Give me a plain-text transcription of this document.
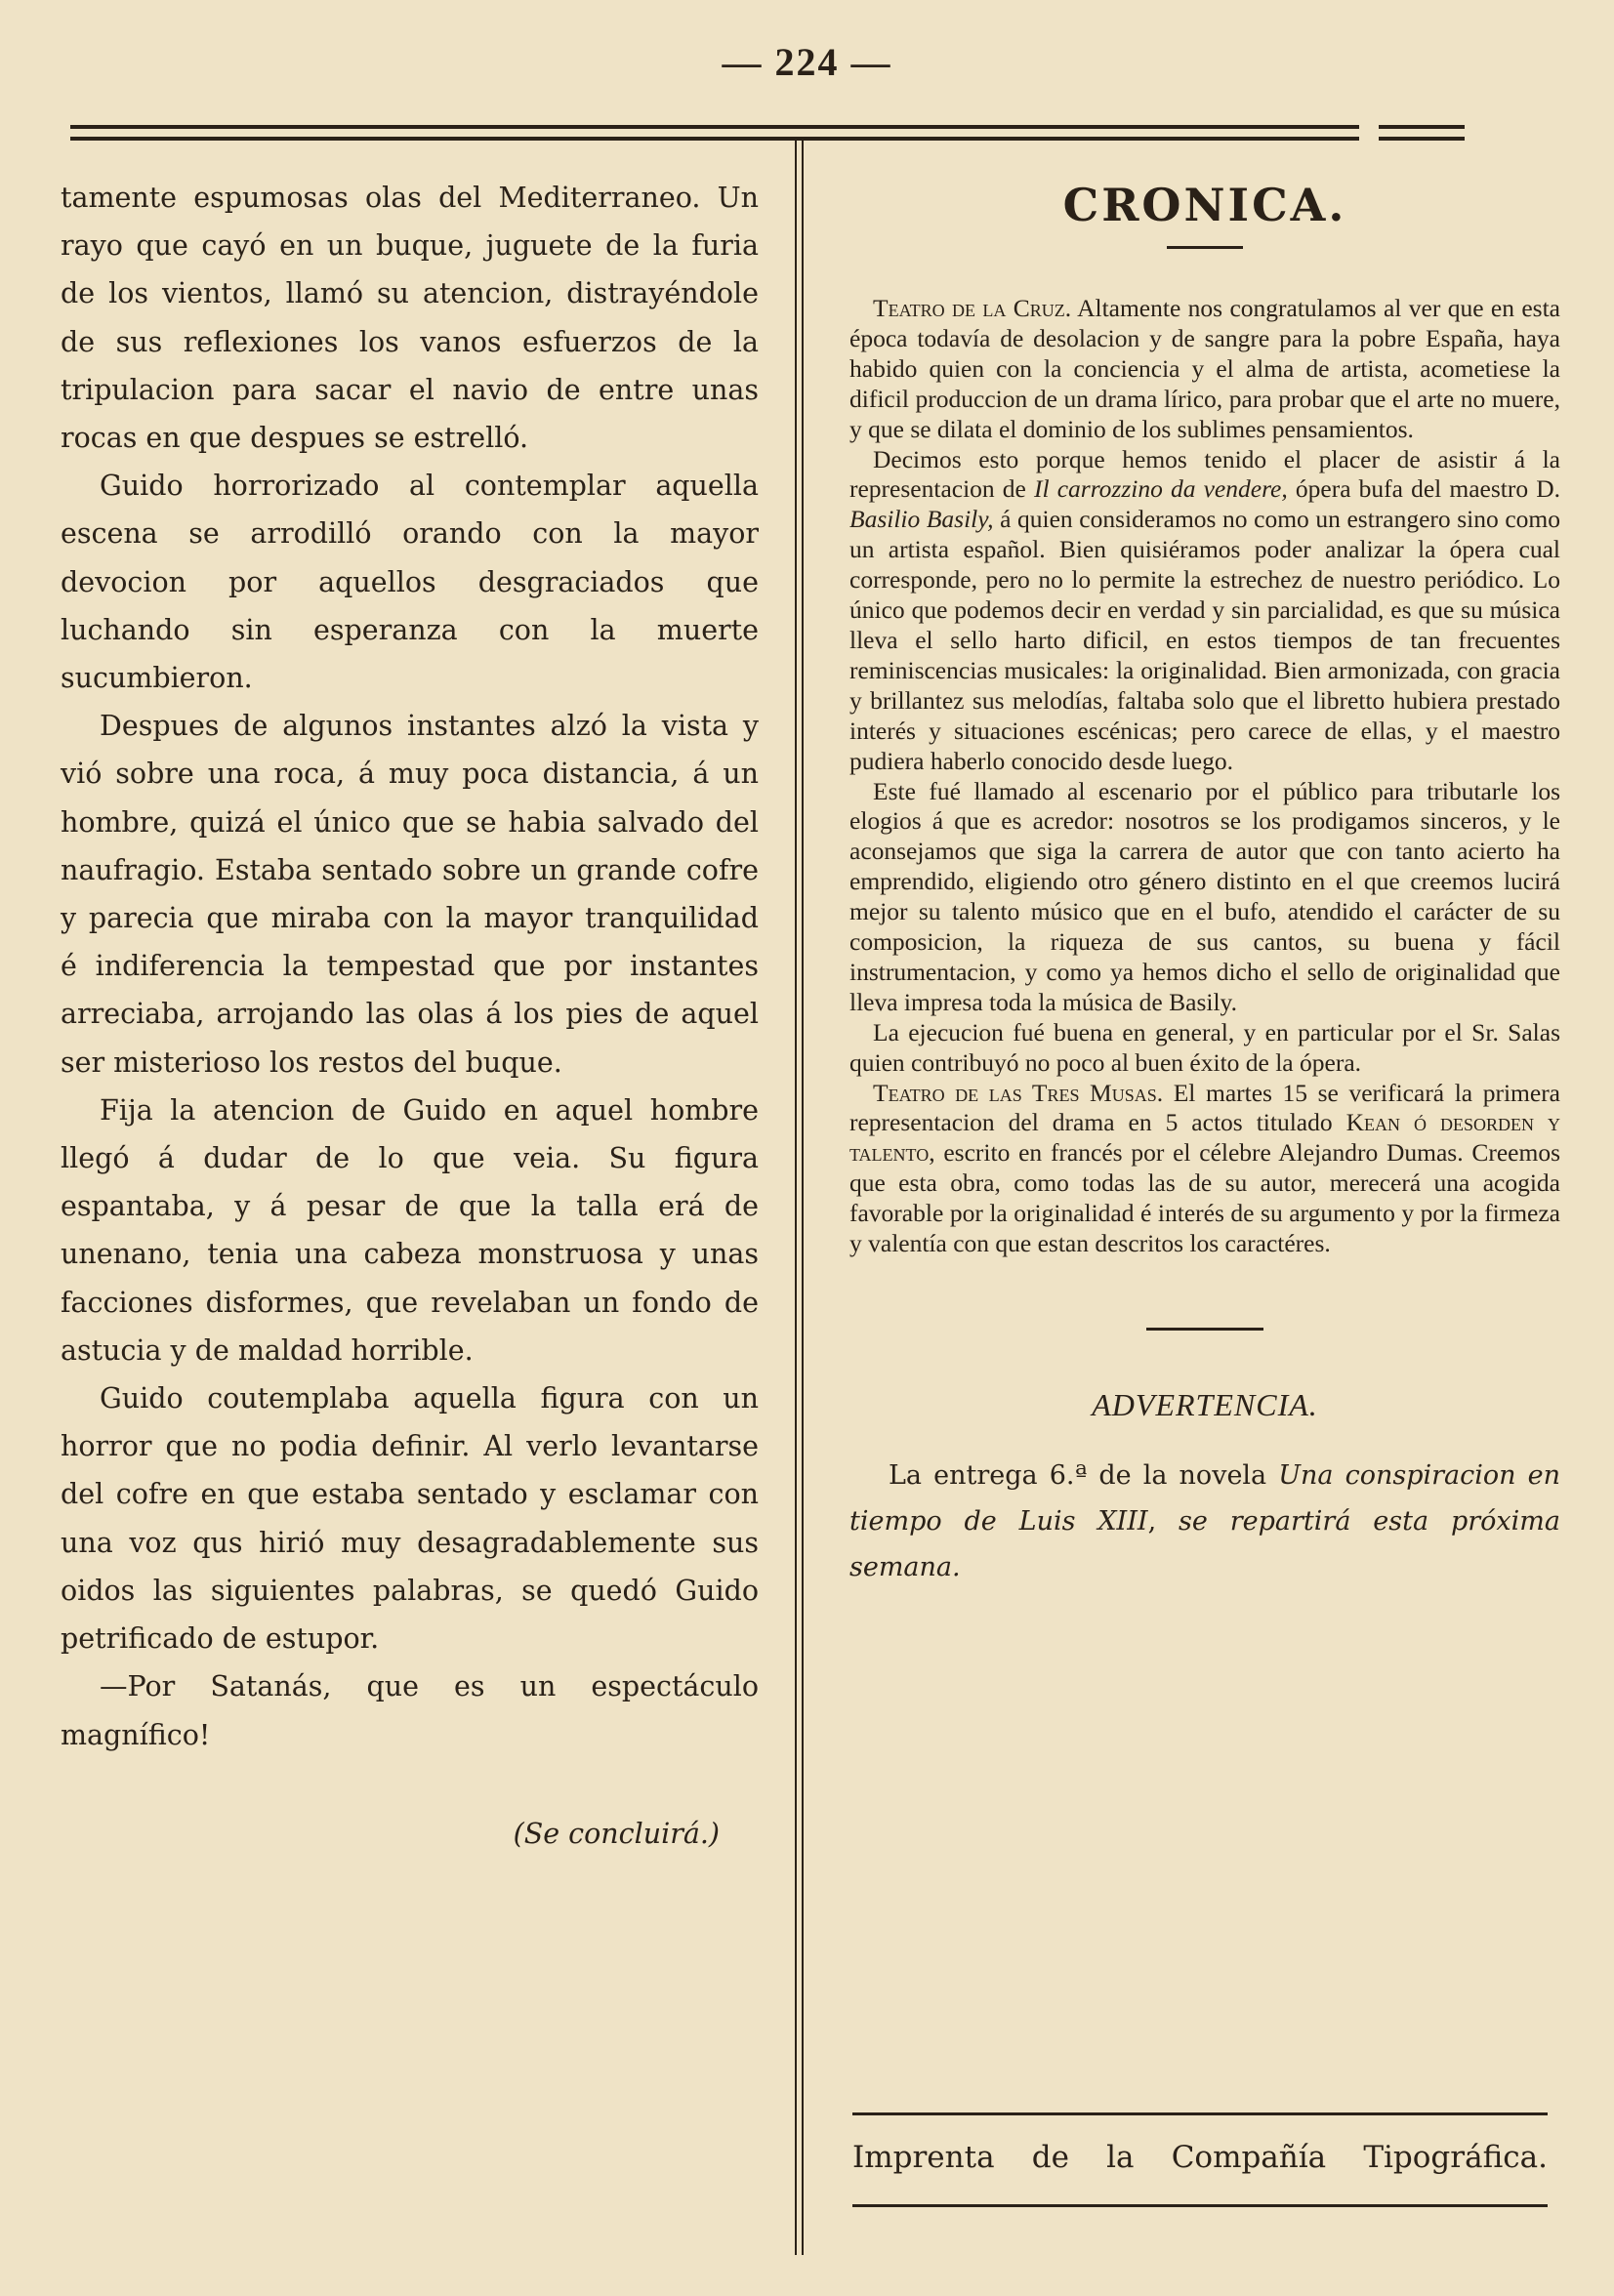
— 224 —

tamente espumosas olas del Mediterraneo. Un rayo que cayó en un buque, juguete de la furia de los vientos, llamó su atencion, distrayéndole de sus reflexiones los vanos esfuerzos de la tripulacion para sacar el navio de entre unas rocas en que despues se estrelló.

Guido horrorizado al contemplar aquella escena se arrodilló orando con la mayor devocion por aquellos desgraciados que luchando sin esperanza con la muerte sucumbieron.

Despues de algunos instantes alzó la vista y vió sobre una roca, á muy poca distancia, á un hombre, quizá el único que se habia salvado del naufragio. Estaba sentado sobre un grande cofre y parecia que miraba con la mayor tranquilidad é indiferencia la tempestad que por instantes arreciaba, arrojando las olas á los pies de aquel ser misterioso los restos del buque.

Fija la atencion de Guido en aquel hombre llegó á dudar de lo que veia. Su figura espantaba, y á pesar de que la talla erá de unenano, tenia una cabeza monstruosa y unas facciones disformes, que revelaban un fondo de astucia y de maldad horrible.

Guido coutemplaba aquella figura con un horror que no podia definir. Al verlo levantarse del cofre en que estaba sentado y esclamar con una voz qus hirió muy desagradablemente sus oidos las siguientes palabras, se quedó Guido petrificado de estupor.

—Por Satanás, que es un espectáculo magnífico!

(Se concluirá.)

CRONICA.

Teatro de la Cruz. Altamente nos congratulamos al ver que en esta época todavía de desolacion y de sangre para la pobre España, haya habido quien con la conciencia y el alma de artista, acometiese la dificil produccion de un drama lírico, para probar que el arte no muere, y que se dilata el dominio de los sublimes pensamientos.

Decimos esto porque hemos tenido el placer de asistir á la representacion de Il carrozzino da vendere, ópera bufa del maestro D. Basilio Basily, á quien consideramos no como un estrangero sino como un artista español. Bien quisiéramos poder analizar la ópera cual corresponde, pero no lo permite la estrechez de nuestro periódico. Lo único que podemos decir en verdad y sin parcialidad, es que su música lleva el sello harto dificil, en estos tiempos de tan frecuentes reminiscencias musicales: la originalidad. Bien armonizada, con gracia y brillantez sus melodías, faltaba solo que el libretto hubiera prestado interés y situaciones escénicas; pero carece de ellas, y el maestro pudiera haberlo conocido desde luego.

Este fué llamado al escenario por el público para tributarle los elogios á que es acredor: nosotros se los prodigamos sinceros, y le aconsejamos que siga la carrera de autor que con tanto acierto ha emprendido, eligiendo otro género distinto en el que creemos lucirá mejor su talento músico que en el bufo, atendido el carácter de su composicion, la riqueza de sus cantos, su buena y fácil instrumentacion, y como ya hemos dicho el sello de originalidad que lleva impresa toda la música de Basily.

La ejecucion fué buena en general, y en particular por el Sr. Salas quien contribuyó no poco al buen éxito de la ópera.

Teatro de las Tres Musas. El martes 15 se verificará la primera representacion del drama en 5 actos titulado Kean ó desorden y talento, escrito en francés por el célebre Alejandro Dumas. Creemos que esta obra, como todas las de su autor, merecerá una acogida favorable por la originalidad é interés de su argumento y por la firmeza y valentía con que estan descritos los caractéres.

ADVERTENCIA.

La entrega 6.ª de la novela Una conspiracion en tiempo de Luis XIII, se repartirá esta próxima semana.

Imprenta de la Compañía Tipográfica.
